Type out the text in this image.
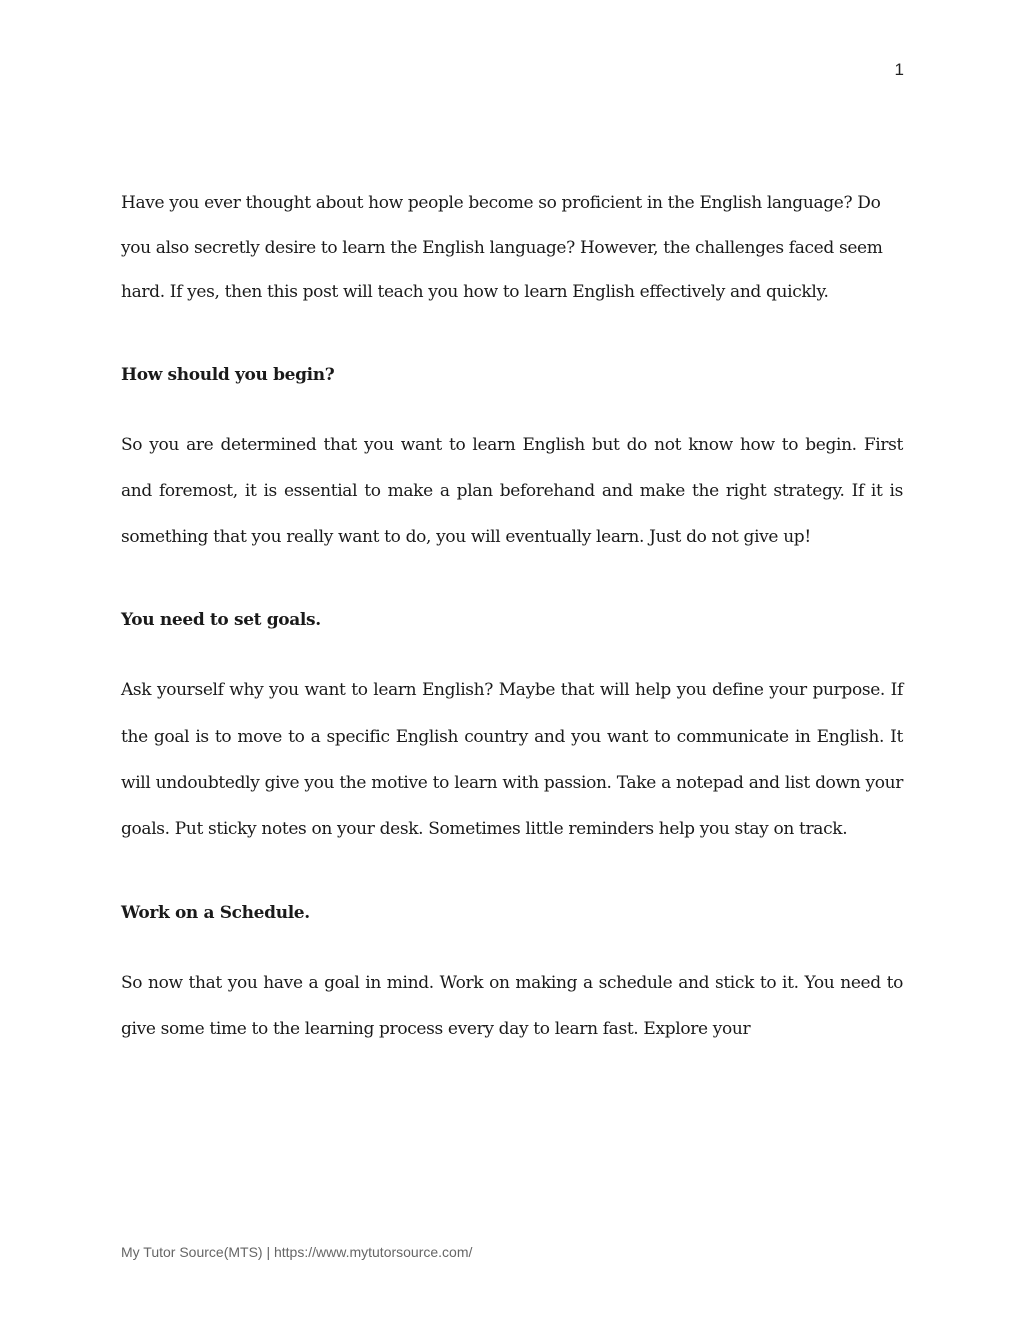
1

Have you ever thought about how people become so proficient in the English language? Do you also secretly desire to learn the English language? However, the challenges faced seem hard. If yes, then this post will teach you how to learn English effectively and quickly.

How should you begin?

So you are determined that you want to learn English but do not know how to begin. First and foremost, it is essential to make a plan beforehand and make the right strategy. If it is something that you really want to do, you will eventually learn. Just do not give up!

You need to set goals.

Ask yourself why you want to learn English? Maybe that will help you define your purpose. If the goal is to move to a specific English country and you want to communicate in English. It will undoubtedly give you the motive to learn with passion. Take a notepad and list down your goals. Put sticky notes on your desk. Sometimes little reminders help you stay on track.

Work on a Schedule.

So now that you have a goal in mind. Work on making a schedule and stick to it. You need to give some time to the learning process every day to learn fast. Explore your

My Tutor Source(MTS) | https://www.mytutorsource.com/
